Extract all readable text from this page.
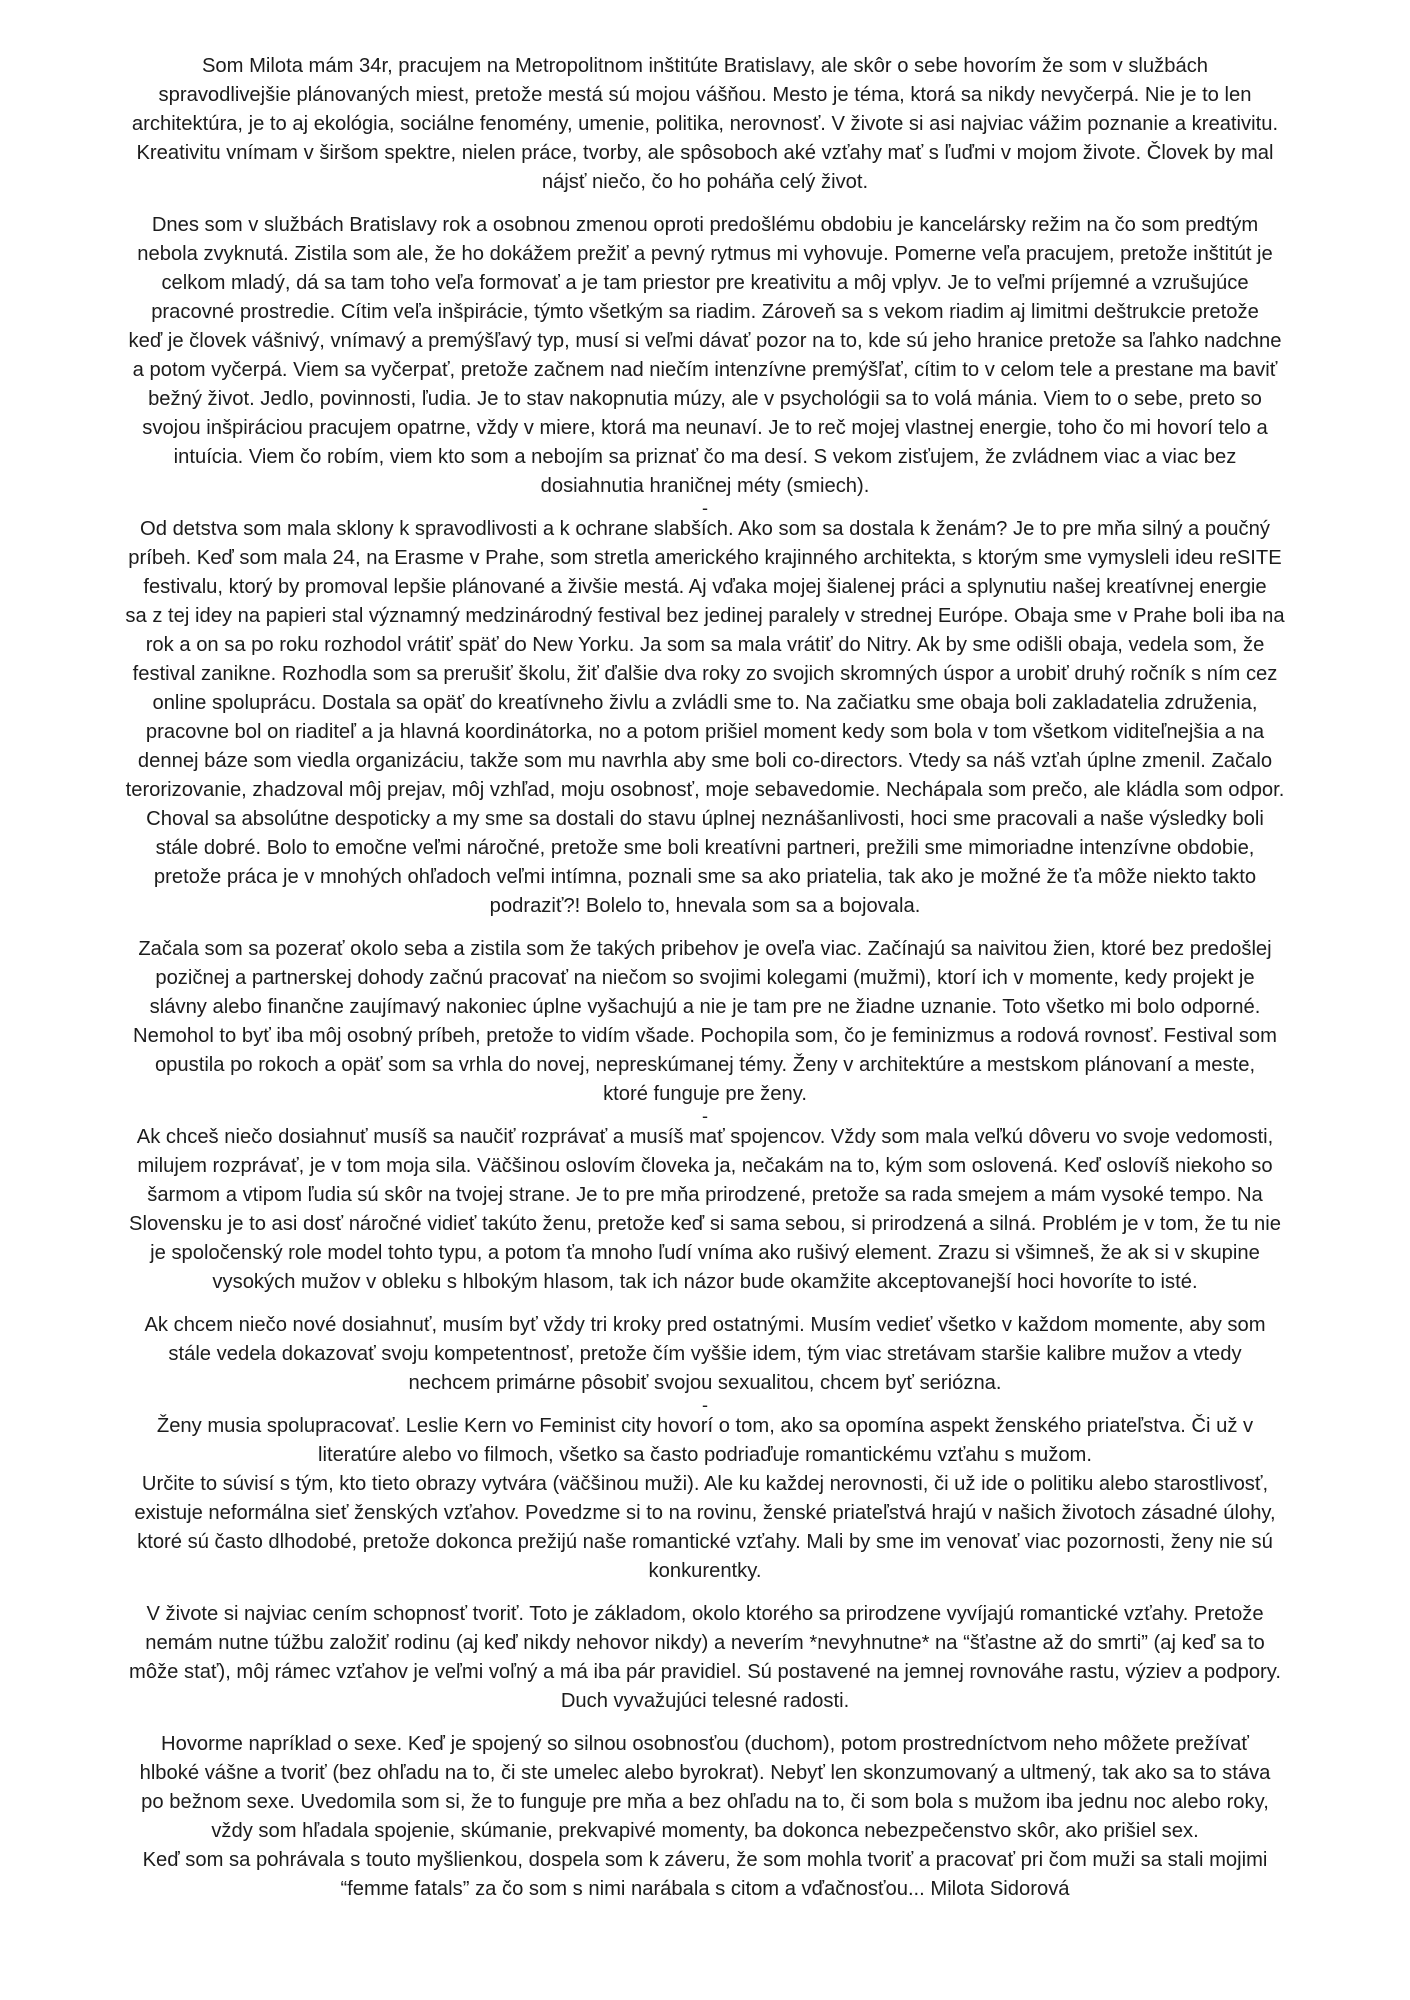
Som Milota mám 34r, pracujem na Metropolitnom inštitúte Bratislavy, ale skôr o sebe hovorím že som v službách
spravodlivejšie plánovaných miest, pretože mestá sú mojou vášňou. Mesto je téma, ktorá sa nikdy nevyčerpá. Nie je to len
architektúra, je to aj ekológia, sociálne fenomény, umenie, politika, nerovnosť. V živote si asi najviac vážim poznanie a kreativitu.
Kreativitu vnímam v širšom spektre, nielen práce, tvorby, ale spôsoboch aké vzťahy mať s ľuďmi v mojom živote. Človek by mal
nájsť niečo, čo ho poháňa celý život.

Dnes som v službách Bratislavy rok a osobnou zmenou oproti predošlému obdobiu je kancelársky režim na čo som predtým
nebola zvyknutá. Zistila som ale, že ho dokážem prežiť a pevný rytmus mi vyhovuje. Pomerne veľa pracujem, pretože inštitút je
celkom mladý, dá sa tam toho veľa formovať a je tam priestor pre kreativitu a môj vplyv. Je to veľmi príjemné a vzrušujúce
pracovné prostredie. Cítim veľa inšpirácie, týmto všetkým sa riadim. Zároveň sa s vekom riadim aj limitmi deštrukcie pretože
keď je človek vášnivý, vnímavý a premýšľavý typ, musí si veľmi dávať pozor na to, kde sú jeho hranice pretože sa ľahko nadchne
a potom vyčerpá. Viem sa vyčerpať, pretože začnem nad niečím intenzívne premýšľať, cítim to v celom tele a prestane ma baviť
bežný život. Jedlo, povinnosti, ľudia. Je to stav nakopnutia múzy, ale v psychológii sa to volá mánia. Viem to o sebe, preto so
svojou inšpiráciou pracujem opatrne, vždy v miere, ktorá ma neunaví. Je to reč mojej vlastnej energie, toho čo mi hovorí telo a
intuícia. Viem čo robím, viem kto som a nebojím sa priznať čo ma desí. S vekom zisťujem, že zvládnem viac a viac bez
dosiahnutia hraničnej méty (smiech).

-

Od detstva som mala sklony k spravodlivosti a k ochrane slabších. Ako som sa dostala k ženám? Je to pre mňa silný a poučný
príbeh. Keď som mala 24, na Erasme v Prahe, som stretla amerického krajinného architekta, s ktorým sme vymysleli ideu reSITE
festivalu, ktorý by promoval lepšie plánované a živšie mestá. Aj vďaka mojej šialenej práci a splynutiu našej kreatívnej energie
sa z tej idey na papieri stal významný medzinárodný festival bez jedinej paralely v strednej Európe. Obaja sme v Prahe boli iba na
rok a on sa po roku rozhodol vrátiť späť do New Yorku. Ja som sa mala vrátiť do Nitry. Ak by sme odišli obaja, vedela som, že
festival zanikne. Rozhodla som sa prerušiť školu, žiť ďalšie dva roky zo svojich skromných úspor a urobiť druhý ročník s ním cez
online spoluprácu. Dostala sa opäť do kreatívneho živlu a zvládli sme to. Na začiatku sme obaja boli zakladatelia združenia,
pracovne bol on riaditeľ a ja hlavná koordinátorka, no a potom prišiel moment kedy som bola v tom všetkom viditeľnejšia a na
dennej báze som viedla organizáciu, takže som mu navrhla aby sme boli co-directors. Vtedy sa náš vzťah úplne zmenil. Začalo
terorizovanie, zhadzoval môj prejav, môj vzhľad, moju osobnosť, moje sebavedomie. Nechápala som prečo, ale kládla som odpor.
Choval sa absolútne despoticky a my sme sa dostali do stavu úplnej neznášanlivosti, hoci sme pracovali a naše výsledky boli
stále dobré. Bolo to emočne veľmi náročné, pretože sme boli kreatívni partneri, prežili sme mimoriadne intenzívne obdobie,
pretože práca je v mnohých ohľadoch veľmi intímna, poznali sme sa ako priatelia, tak ako je možné že ťa môže niekto takto
podraziť?! Bolelo to, hnevala som sa a bojovala.

Začala som sa pozerať okolo seba a zistila som že takých pribehov je oveľa viac. Začínajú sa naivitou žien, ktoré bez predošlej
pozičnej a partnerskej dohody začnú pracovať na niečom so svojimi kolegami (mužmi), ktorí ich v momente, kedy projekt je
slávny alebo finančne zaujímavý nakoniec úplne vyšachujú a nie je tam pre ne žiadne uznanie. Toto všetko mi bolo odporné.
Nemohol to byť iba môj osobný príbeh, pretože to vidím všade. Pochopila som, čo je feminizmus a rodová rovnosť. Festival som
opustila po rokoch a opäť som sa vrhla do novej, nepreskúmanej témy. Ženy v architektúre a mestskom plánovaní a meste,
ktoré funguje pre ženy.

-

Ak chceš niečo dosiahnuť musíš sa naučiť rozprávať a musíš mať spojencov. Vždy som mala veľkú dôveru vo svoje vedomosti,
milujem rozprávať, je v tom moja sila. Väčšinou oslovím človeka ja, nečakám na to, kým som oslovená. Keď oslovíš niekoho so
šarmom a vtipom ľudia sú skôr na tvojej strane. Je to pre mňa prirodzené, pretože sa rada smejem a mám vysoké tempo. Na
Slovensku je to asi dosť náročné vidieť takúto ženu, pretože keď si sama sebou, si prirodzená a silná. Problém je v tom, že tu nie
je spoločenský role model tohto typu, a potom ťa mnoho ľudí vníma ako rušivý element. Zrazu si všimneš, že ak si v skupine
vysokých mužov v obleku s hlbokým hlasom, tak ich názor bude okamžite akceptovanejší hoci hovoríte to isté.

Ak chcem niečo nové dosiahnuť, musím byť vždy tri kroky pred ostatnými. Musím vedieť všetko v každom momente, aby som
stále vedela dokazovať svoju kompetentnosť, pretože čím vyššie idem, tým viac stretávam staršie kalibre mužov a vtedy
nechcem primárne pôsobiť svojou sexualitou, chcem byť seriózna.

-

Ženy musia spolupracovať. Leslie Kern vo Feminist city hovorí o tom, ako sa opomína aspekt ženského priateľstva. Či už v
literatúre alebo vo filmoch, všetko sa často podriaďuje romantickému vzťahu s mužom.
Určite to súvisí s tým, kto tieto obrazy vytvára (väčšinou muži). Ale ku každej nerovnosti, či už ide o politiku alebo starostlivosť,
existuje neformálna sieť ženských vzťahov. Povedzme si to na rovinu, ženské priateľstvá hrajú v našich životoch zásadné úlohy,
ktoré sú často dlhodobé, pretože dokonca prežijú naše romantické vzťahy. Mali by sme im venovať viac pozornosti, ženy nie sú
konkurentky.

V živote si najviac cením schopnosť tvoriť. Toto je základom, okolo ktorého sa prirodzene vyvíjajú romantické vzťahy. Pretože
nemám nutne túžbu založiť rodinu (aj keď nikdy nehovor nikdy) a neverím *nevyhnutne* na “šťastne až do smrti” (aj keď sa to
môže stať), môj rámec vzťahov je veľmi voľný a má iba pár pravidiel. Sú postavené na jemnej rovnováhe rastu, výziev a podpory.
Duch vyvažujúci telesné radosti.

Hovorme napríklad o sexe. Keď je spojený so silnou osobnosťou (duchom), potom prostredníctvom neho môžete prežívať
hlboké vášne a tvoriť (bez ohľadu na to, či ste umelec alebo byrokrat). Nebyť len skonzumovaný a ultmený, tak ako sa to stáva
po bežnom sexe. Uvedomila som si, že to funguje pre mňa a bez ohľadu na to, či som bola s mužom iba jednu noc alebo roky,
vždy som hľadala spojenie, skúmanie, prekvapivé momenty, ba dokonca nebezpečenstvo skôr, ako prišiel sex.
Keď som sa pohrávala s touto myšlienkou, dospela som k záveru, že som mohla tvoriť a pracovať pri čom muži sa stali mojimi
“femme fatals” za čo som s nimi narábala s citom a vďačnosťou... Milota Sidorová
